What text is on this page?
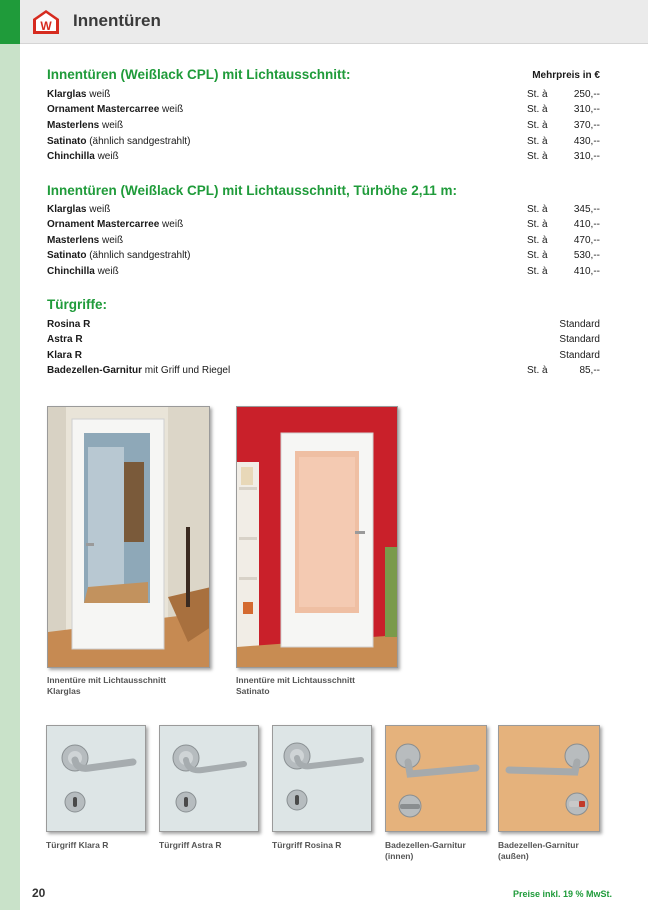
W Innentüren
Innentüren (Weißlack CPL) mit Lichtausschnitt:	Mehrpreis in €
Klarglas weiß	St. à	250,--
Ornament Mastercarree weiß	St. à	310,--
Masterlens weiß	St. à	370,--
Satinato (ähnlich sandgestrahlt)	St. à	430,--
Chinchilla weiß	St. à	310,--
Innentüren (Weißlack CPL) mit Lichtausschnitt, Türhöhe 2,11 m:
Klarglas weiß	St. à	345,--
Ornament Mastercarree weiß	St. à	410,--
Masterlens weiß	St. à	470,--
Satinato (ähnlich sandgestrahlt)	St. à	530,--
Chinchilla weiß	St. à	410,--
Türgriffe:
Rosina R	Standard
Astra R	Standard
Klara R	Standard
Badezellen-Garnitur mit Griff und Riegel	St. à	85,--
Innentüre mit Lichtausschnitt
Klarglas
Innentüre mit Lichtausschnitt
Satinato
Türgriff Klara R	Türgriff Astra R	Türgriff Rosina R	Badezellen-Garnitur
(innen)
Badezellen-Garnitur
(außen)
20	Preise inkl. 19 % MwSt.
